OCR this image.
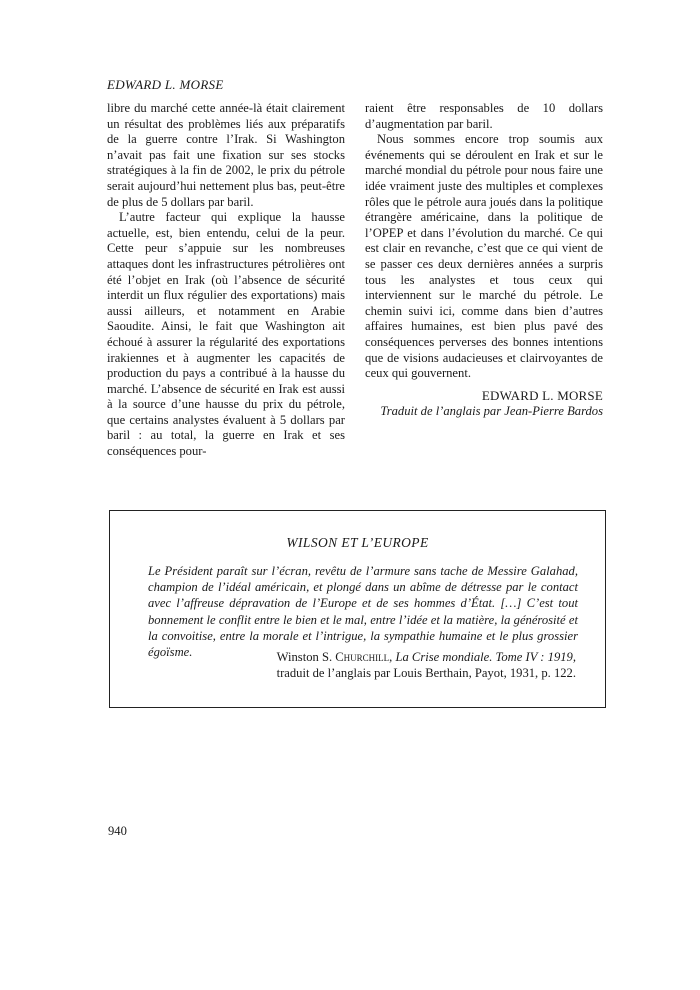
EDWARD L. MORSE

libre du marché cette année-là était clairement un résultat des problèmes liés aux préparatifs de la guerre contre l’Irak. Si Washington n’avait pas fait une fixation sur ses stocks stratégiques à la fin de 2002, le prix du pétrole serait aujourd’hui nettement plus bas, peut-être de plus de 5 dollars par baril.

L’autre facteur qui explique la hausse actuelle, est, bien entendu, celui de la peur. Cette peur s’appuie sur les nombreuses attaques dont les infrastructures pétrolières ont été l’objet en Irak (où l’absence de sécurité interdit un flux régulier des exportations) mais aussi ailleurs, et notamment en Arabie Saoudite. Ainsi, le fait que Washington ait échoué à assurer la régularité des exportations irakiennes et à augmenter les capacités de production du pays a contribué à la hausse du marché. L’absence de sécurité en Irak est aussi à la source d’une hausse du prix du pétrole, que certains analystes évaluent à 5 dollars par baril : au total, la guerre en Irak et ses conséquences pour-

raient être responsables de 10 dollars d’augmentation par baril.

Nous sommes encore trop soumis aux événements qui se déroulent en Irak et sur le marché mondial du pétrole pour nous faire une idée vraiment juste des multiples et complexes rôles que le pétrole aura joués dans la politique étrangère américaine, dans la politique de l’OPEP et dans l’évolution du marché. Ce qui est clair en revanche, c’est que ce qui vient de se passer ces deux dernières années a surpris tous les analystes et tous ceux qui interviennent sur le marché du pétrole. Le chemin suivi ici, comme dans bien d’autres affaires humaines, est bien plus pavé des conséquences perverses des bonnes intentions que de visions audacieuses et clairvoyantes de ceux qui gouvernent.

EDWARD L. MORSE
Traduit de l’anglais par Jean-Pierre Bardos
WILSON ET L’EUROPE
Le Président paraît sur l’écran, revêtu de l’armure sans tache de Messire Galahad, champion de l’idéal américain, et plongé dans un abîme de détresse par le contact avec l’affreuse dépravation de l’Europe et de ses hommes d’État. […] C’est tout bonnement le conflit entre le bien et le mal, entre l’idée et la matière, la générosité et la convoitise, entre la morale et l’intrigue, la sympathie humaine et le plus grossier égoïsme.	Winston S. Churchill, La Crise mondiale. Tome IV : 1919,
traduit de l’anglais par Louis Berthain, Payot, 1931, p. 122.
940
